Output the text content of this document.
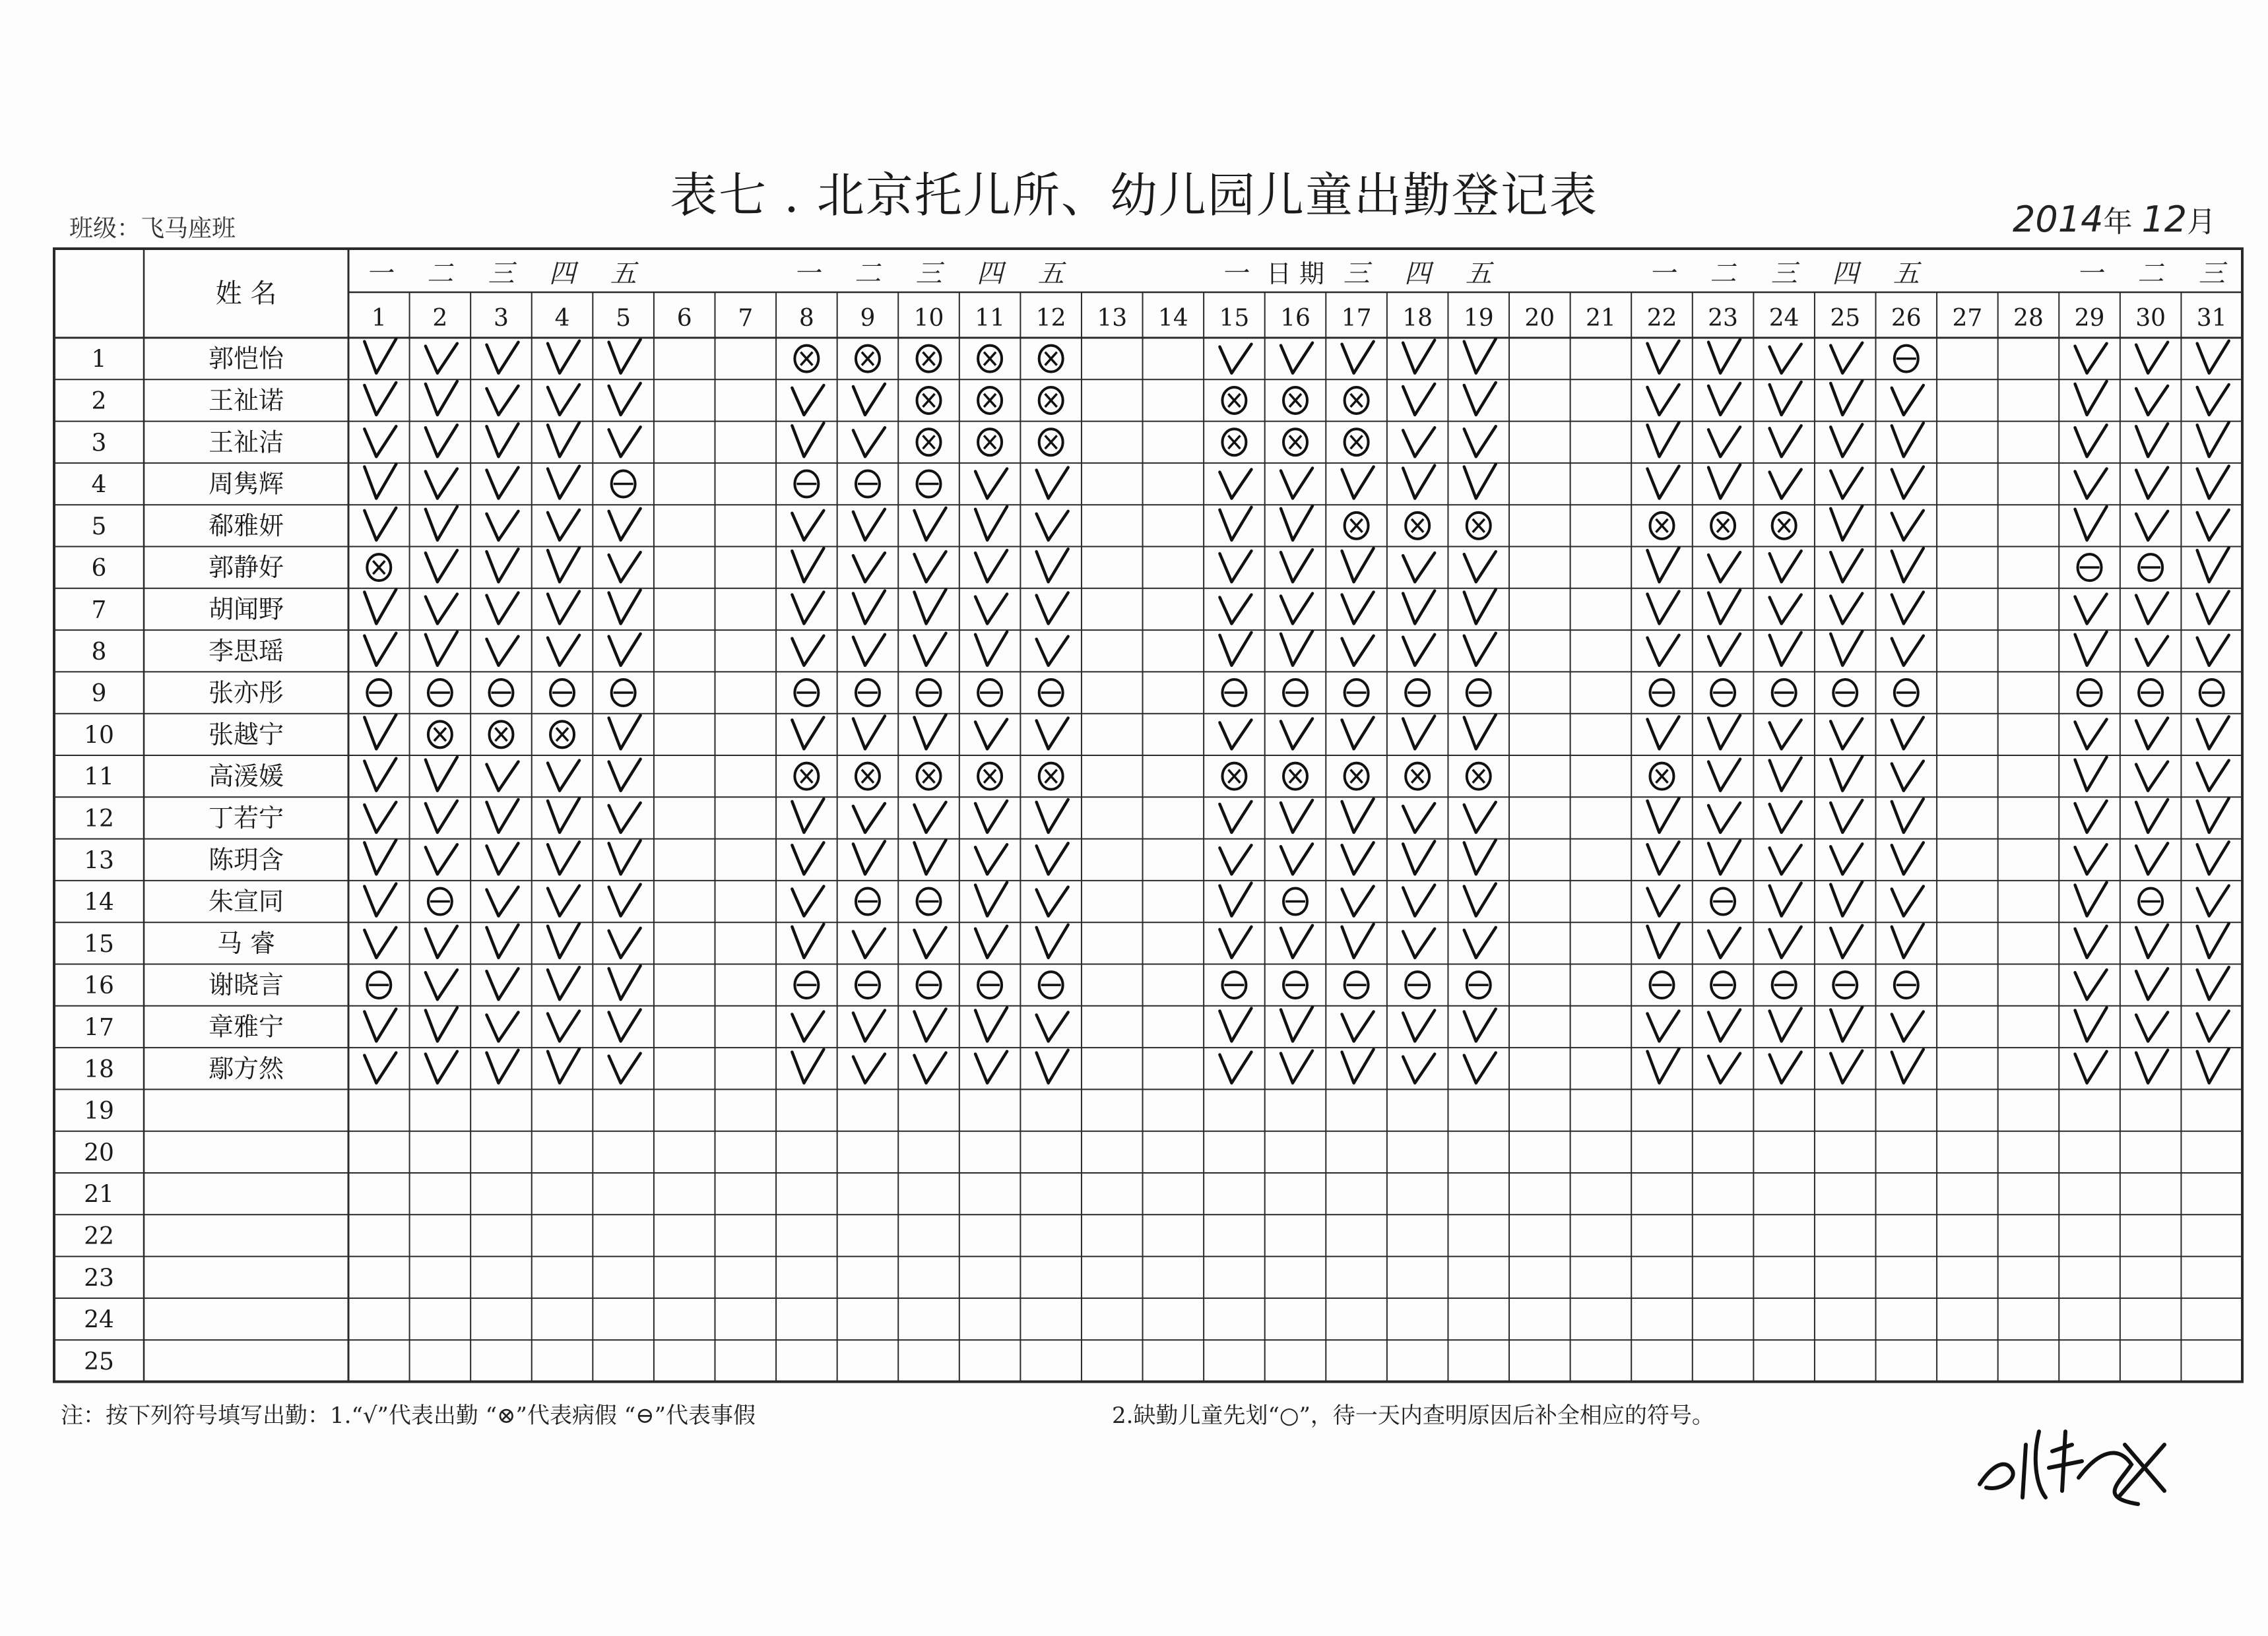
表七 . 北京托儿所、幼儿园儿童出勤登记表
班级：飞马座班	2014年 12月
姓 名
日 期
1
一
2
二
3
三
4
四
5
五
6 7 8
一
9
二
10
三
11
四
12
五
13 14 15
一
16 17
三
18
四
19
五
20 21 22
一
23
二
24
三
25
四
26
五
27 28 29
一
30
二
31
三
1
2
3
4
5
6
7
8
9
10
11
12
13
14
15
16
17
18
19
20
21
22
23
24
25
郭恺怡
王祉诺
王祉洁
周隽辉
郗雅妍
郭静好
胡闻野
李思瑶
张亦彤
张越宁
高湲媛
丁若宁
陈玥含
朱宣同
马 睿
谢晓言
章雅宁
鄢方然
注：按下列符号填写出勤：1.“√”代表出勤 “⊗”代表病假 “⊖”代表事假	2.缺勤儿童先划“○”，待一天内查明原因后补全相应的符号。
